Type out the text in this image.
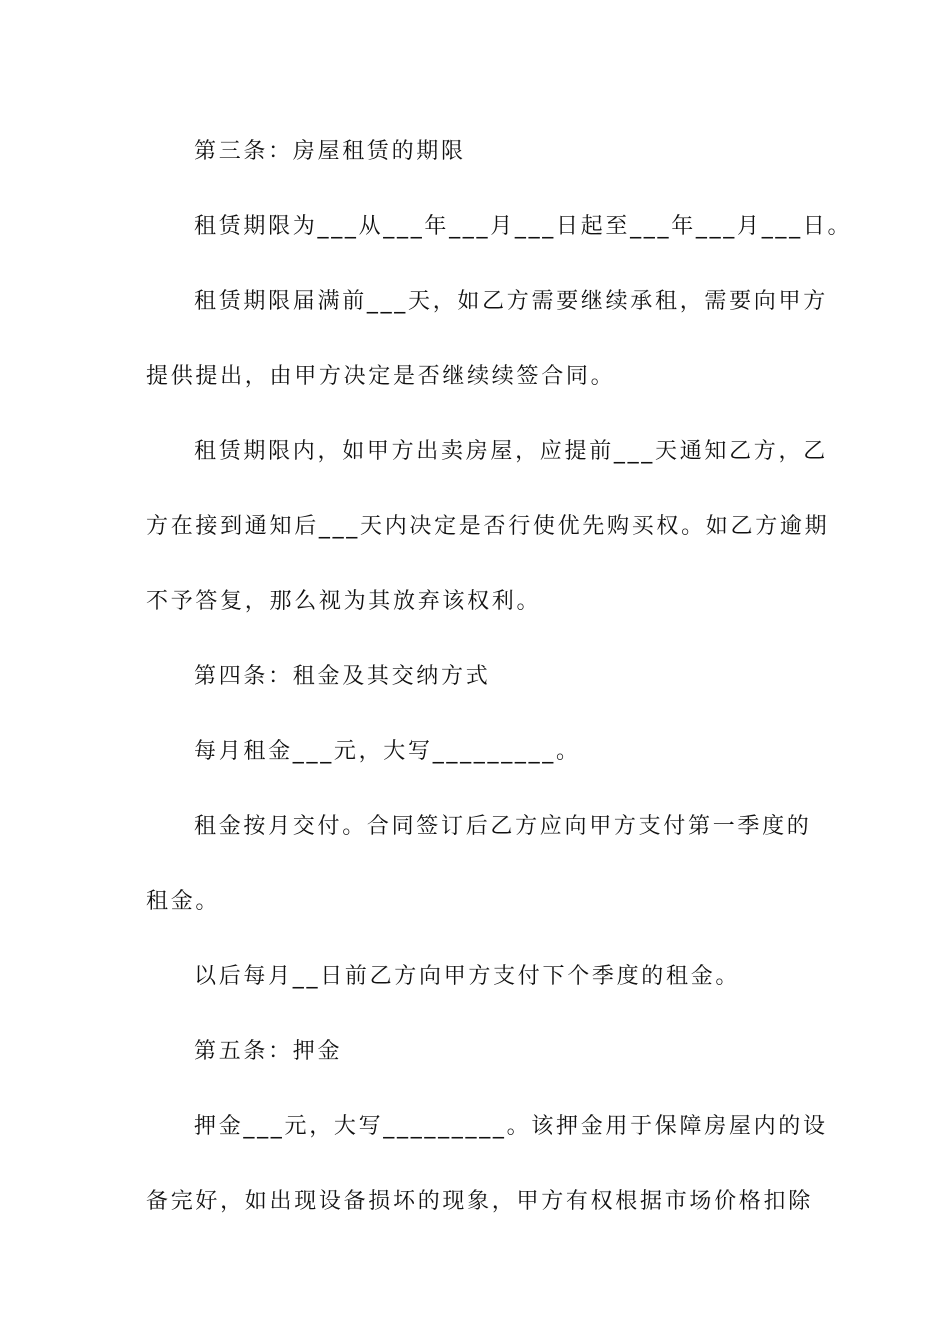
第三条：房屋租赁的期限

租赁期限为___从___年___月___日起至___年___月___日。

租赁期限届满前___天，如乙方需要继续承租，需要向甲方

提供提出，由甲方决定是否继续续签合同。

租赁期限内，如甲方出卖房屋，应提前___天通知乙方，乙

方在接到通知后___天内决定是否行使优先购买权。如乙方逾期

不予答复，那么视为其放弃该权利。

第四条：租金及其交纳方式

每月租金___元，大写_________。

租金按月交付。合同签订后乙方应向甲方支付第一季度的

租金。

以后每月__日前乙方向甲方支付下个季度的租金。

第五条：押金

押金___元，大写_________。该押金用于保障房屋内的设

备完好，如出现设备损坏的现象，甲方有权根据市场价格扣除
